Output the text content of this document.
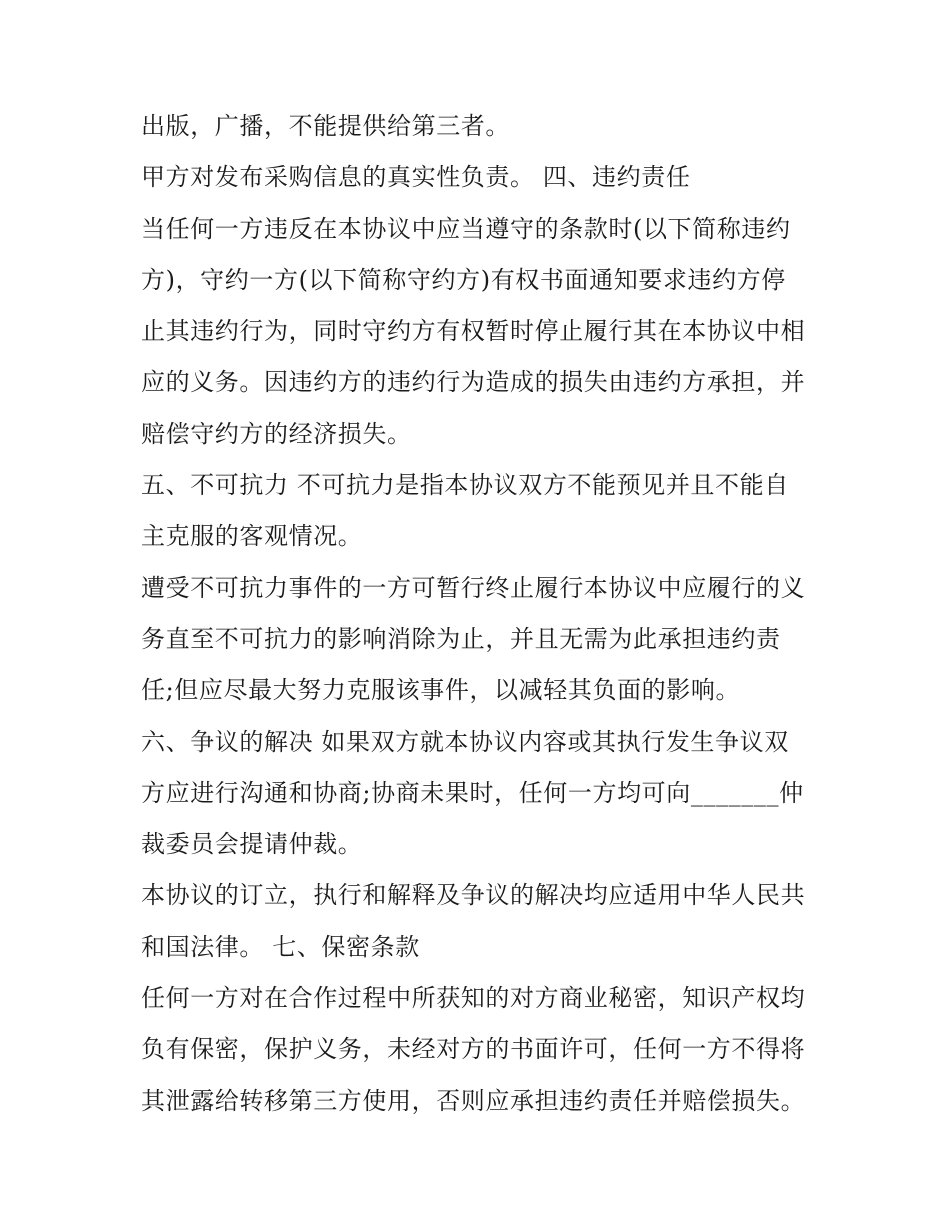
出版，广播，不能提供给第三者。
甲方对发布采购信息的真实性负责。 四、违约责任
当任何一方违反在本协议中应当遵守的条款时(以下简称违约
方)，守约一方(以下简称守约方)有权书面通知要求违约方停
止其违约行为，同时守约方有权暂时停止履行其在本协议中相
应的义务。因违约方的违约行为造成的损失由违约方承担，并
赔偿守约方的经济损失。
五、不可抗力 不可抗力是指本协议双方不能预见并且不能自
主克服的客观情况。
遭受不可抗力事件的一方可暂行终止履行本协议中应履行的义
务直至不可抗力的影响消除为止，并且无需为此承担违约责
任;但应尽最大努力克服该事件，以减轻其负面的影响。
六、争议的解决 如果双方就本协议内容或其执行发生争议双
方应进行沟通和协商;协商未果时，任何一方均可向_______仲
裁委员会提请仲裁。
本协议的订立，执行和解释及争议的解决均应适用中华人民共
和国法律。 七、保密条款
任何一方对在合作过程中所获知的对方商业秘密，知识产权均
负有保密，保护义务，未经对方的书面许可，任何一方不得将
其泄露给转移第三方使用，否则应承担违约责任并赔偿损失。
